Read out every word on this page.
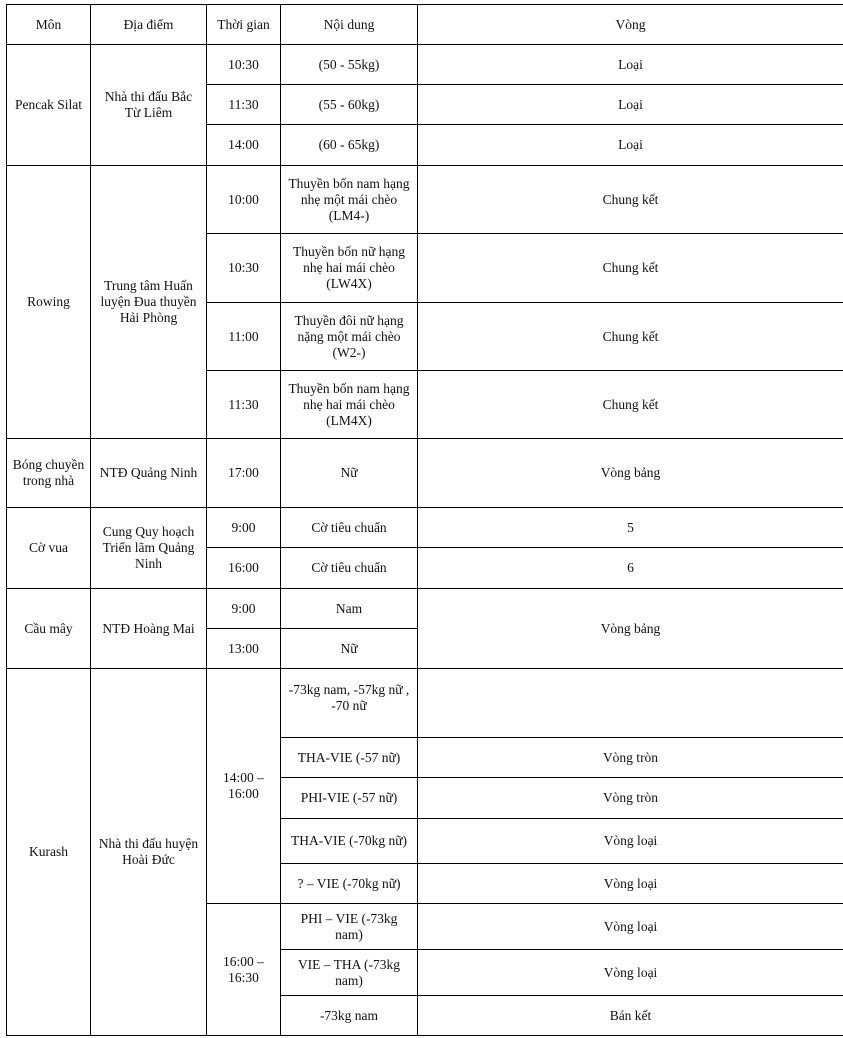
Môn	Địa điểm	Thời gian	Nội dung	Vòng
Pencak Silat	Nhà thi đấu Bắc Từ Liêm	10:30	(50 - 55kg)	Loại
		11:30	(55 - 60kg)	Loại
		14:00	(60 - 65kg)	Loại
Rowing	Trung tâm Huấn luyện Đua thuyền Hải Phòng	10:00	Thuyền bốn nam hạng nhẹ một mái chèo (LM4-)	Chung kết
		10:30	Thuyền bốn nữ hạng nhẹ hai mái chèo (LW4X)	Chung kết
		11:00	Thuyền đôi nữ hạng nặng một mái chèo (W2-)	Chung kết
		11:30	Thuyền bốn nam hạng nhẹ hai mái chèo (LM4X)	Chung kết
Bóng chuyền trong nhà	NTĐ Quảng Ninh	17:00	Nữ	Vòng bảng
Cờ vua	Cung Quy hoạch Triển lãm Quảng Ninh	9:00	Cờ tiêu chuẩn	5
		16:00	Cờ tiêu chuẩn	6
Cầu mây	NTĐ Hoàng Mai	9:00	Nam	Vòng bảng
		13:00	Nữ	
Kurash	Nhà thi đấu huyện Hoài Đức	14:00 – 16:00	-73kg nam, -57kg nữ , -70 nữ	
			THA-VIE (-57 nữ)	Vòng tròn
			PHI-VIE (-57 nữ)	Vòng tròn
			THA-VIE (-70kg nữ)	Vòng loại
			? – VIE (-70kg nữ)	Vòng loại
		16:00 – 16:30	PHI – VIE (-73kg nam)	Vòng loại
			VIE – THA (-73kg nam)	Vòng loại
			-73kg nam	Bán kết
